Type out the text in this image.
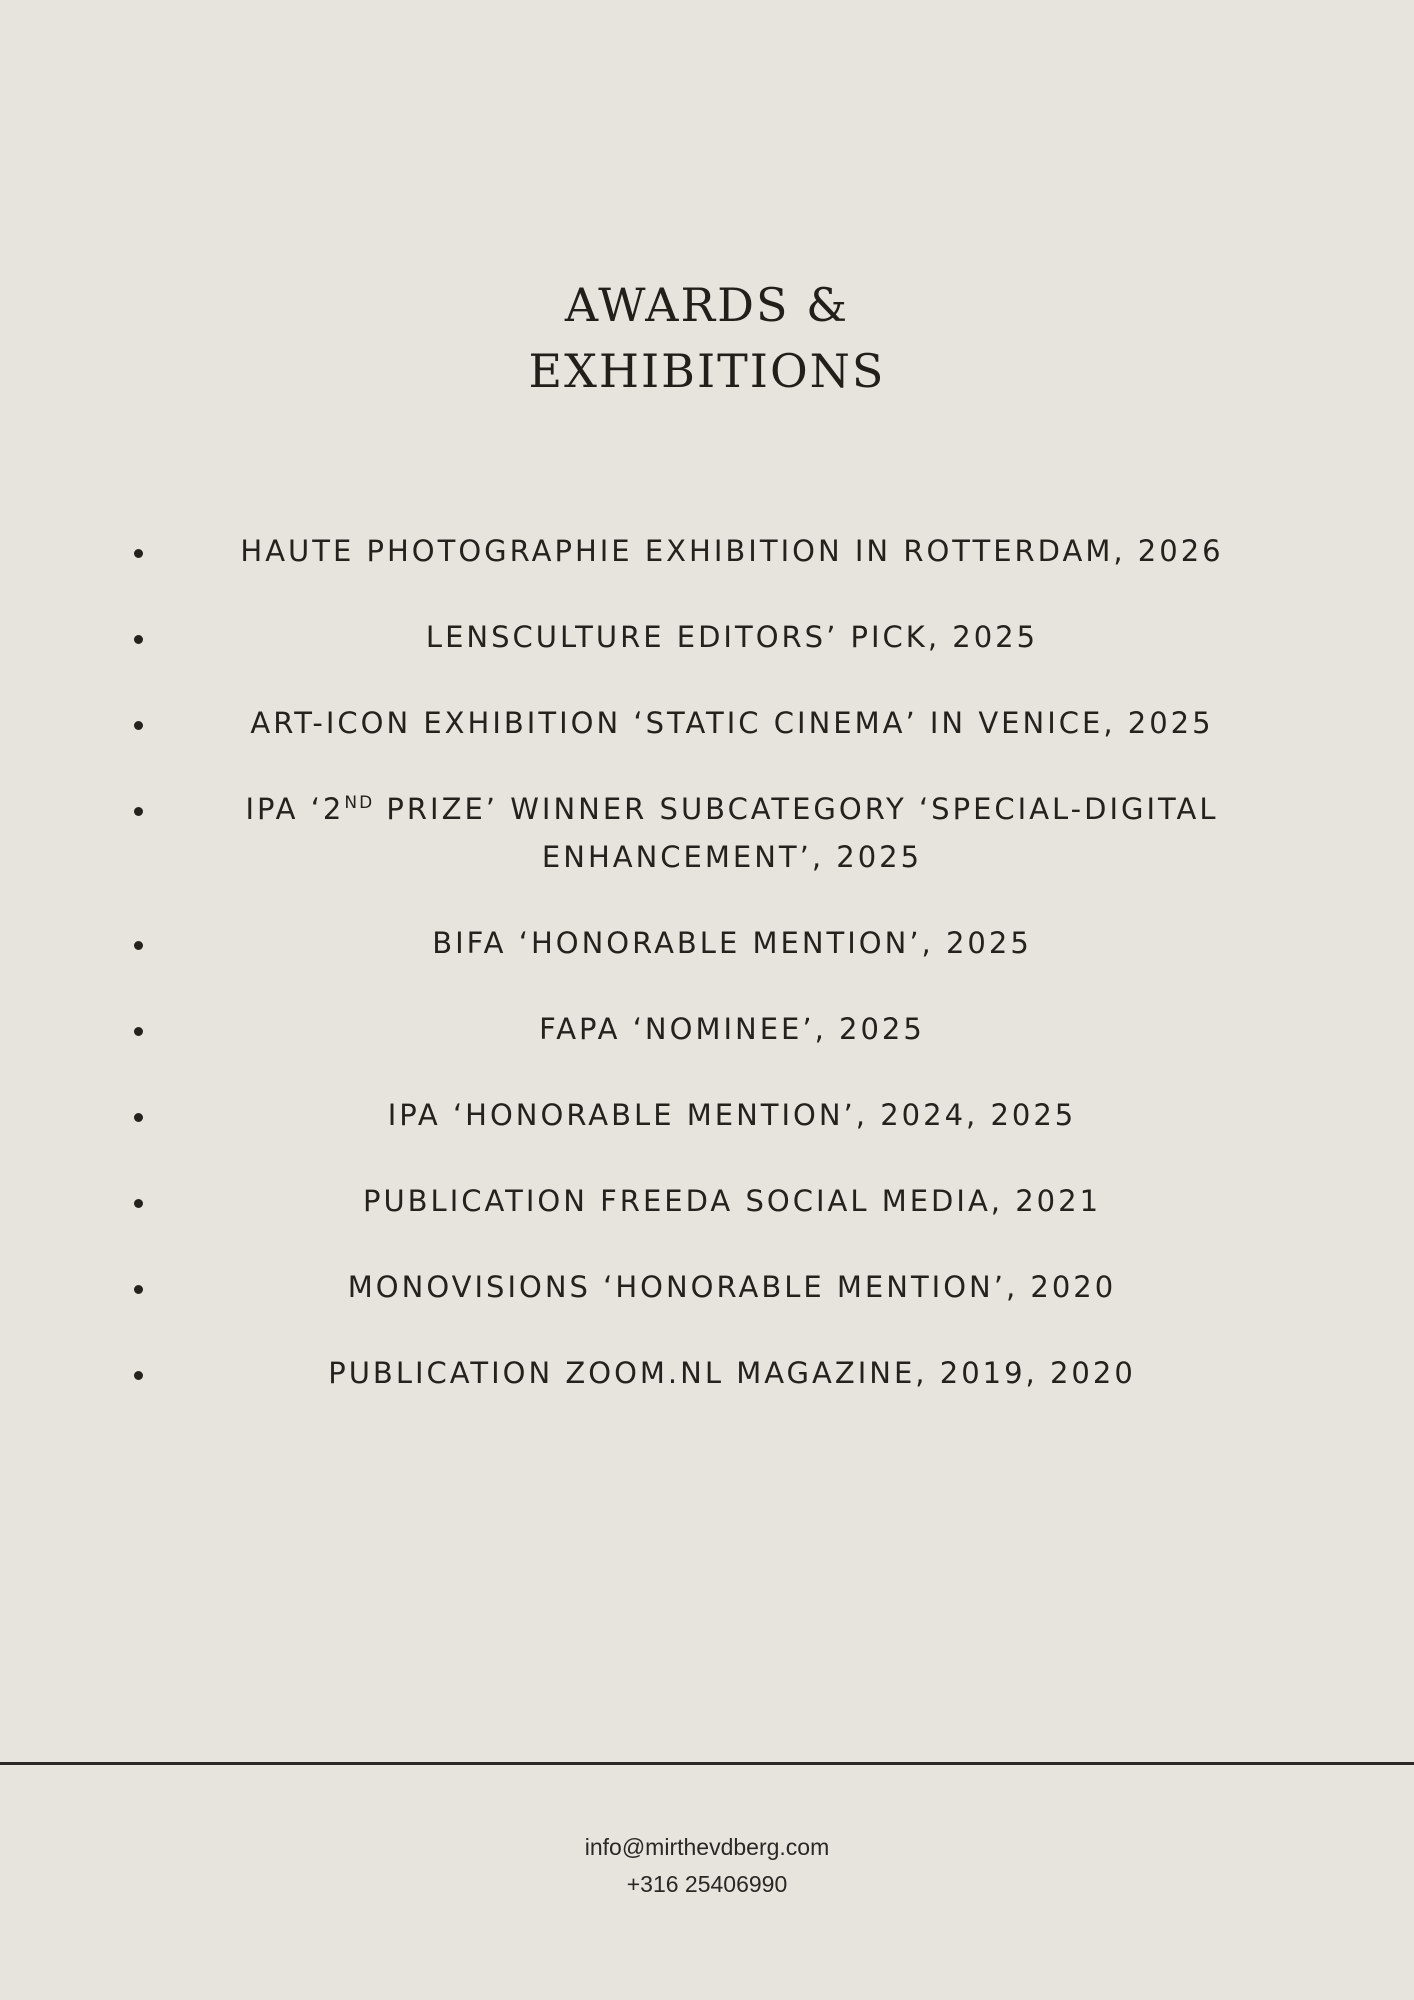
AWARDS &
EXHIBITIONS
HAUTE PHOTOGRAPHIE EXHIBITION IN ROTTERDAM, 2026
LENSCULTURE EDITORS’ PICK, 2025
ART-ICON EXHIBITION ‘STATIC CINEMA’ IN VENICE, 2025
IPA ‘2ND PRIZE’ WINNER SUBCATEGORY ‘SPECIAL-DIGITAL ENHANCEMENT’, 2025
BIFA ‘HONORABLE MENTION’, 2025
FAPA ‘NOMINEE’, 2025
IPA ‘HONORABLE MENTION’, 2024, 2025
PUBLICATION FREEDA SOCIAL MEDIA, 2021
MONOVISIONS ‘HONORABLE MENTION’, 2020
PUBLICATION ZOOM.NL MAGAZINE, 2019, 2020
info@mirthevdberg.com
+316 25406990
